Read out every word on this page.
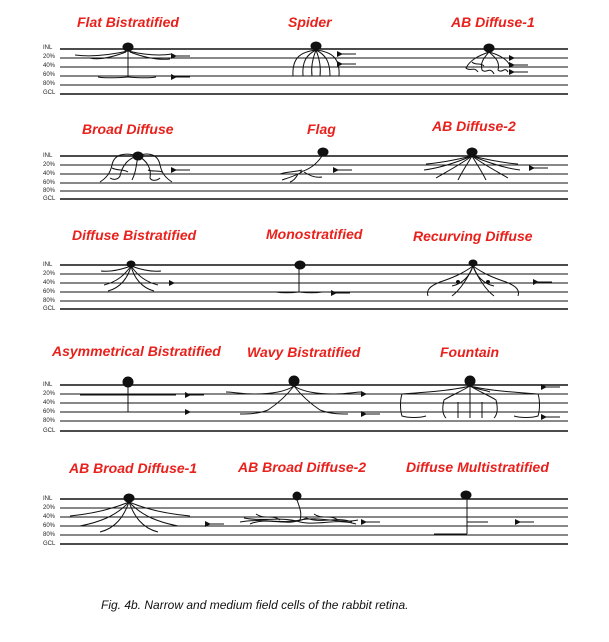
Flat Bistratified	Spider	AB Diffuse-1
Broad Diffuse	Flag	AB Diffuse-2
Diffuse Bistratified	Monostratified	Recurving Diffuse
Asymmetrical Bistratified Wavy Bistratified	Fountain
AB Broad Diffuse-1	AB Broad Diffuse-2	Diffuse Multistratified
INL
20%
40%
60%
80%
GCL
INL
20%
40%
60%
80%
GCL
INL
20%
40%
60%
80%
GCL
INL
20%
40%
60%
80%
GCL
INL
20%
40%
60%
80%
GCL
Fig. 4b. Narrow and medium field cells of the rabbit retina.
